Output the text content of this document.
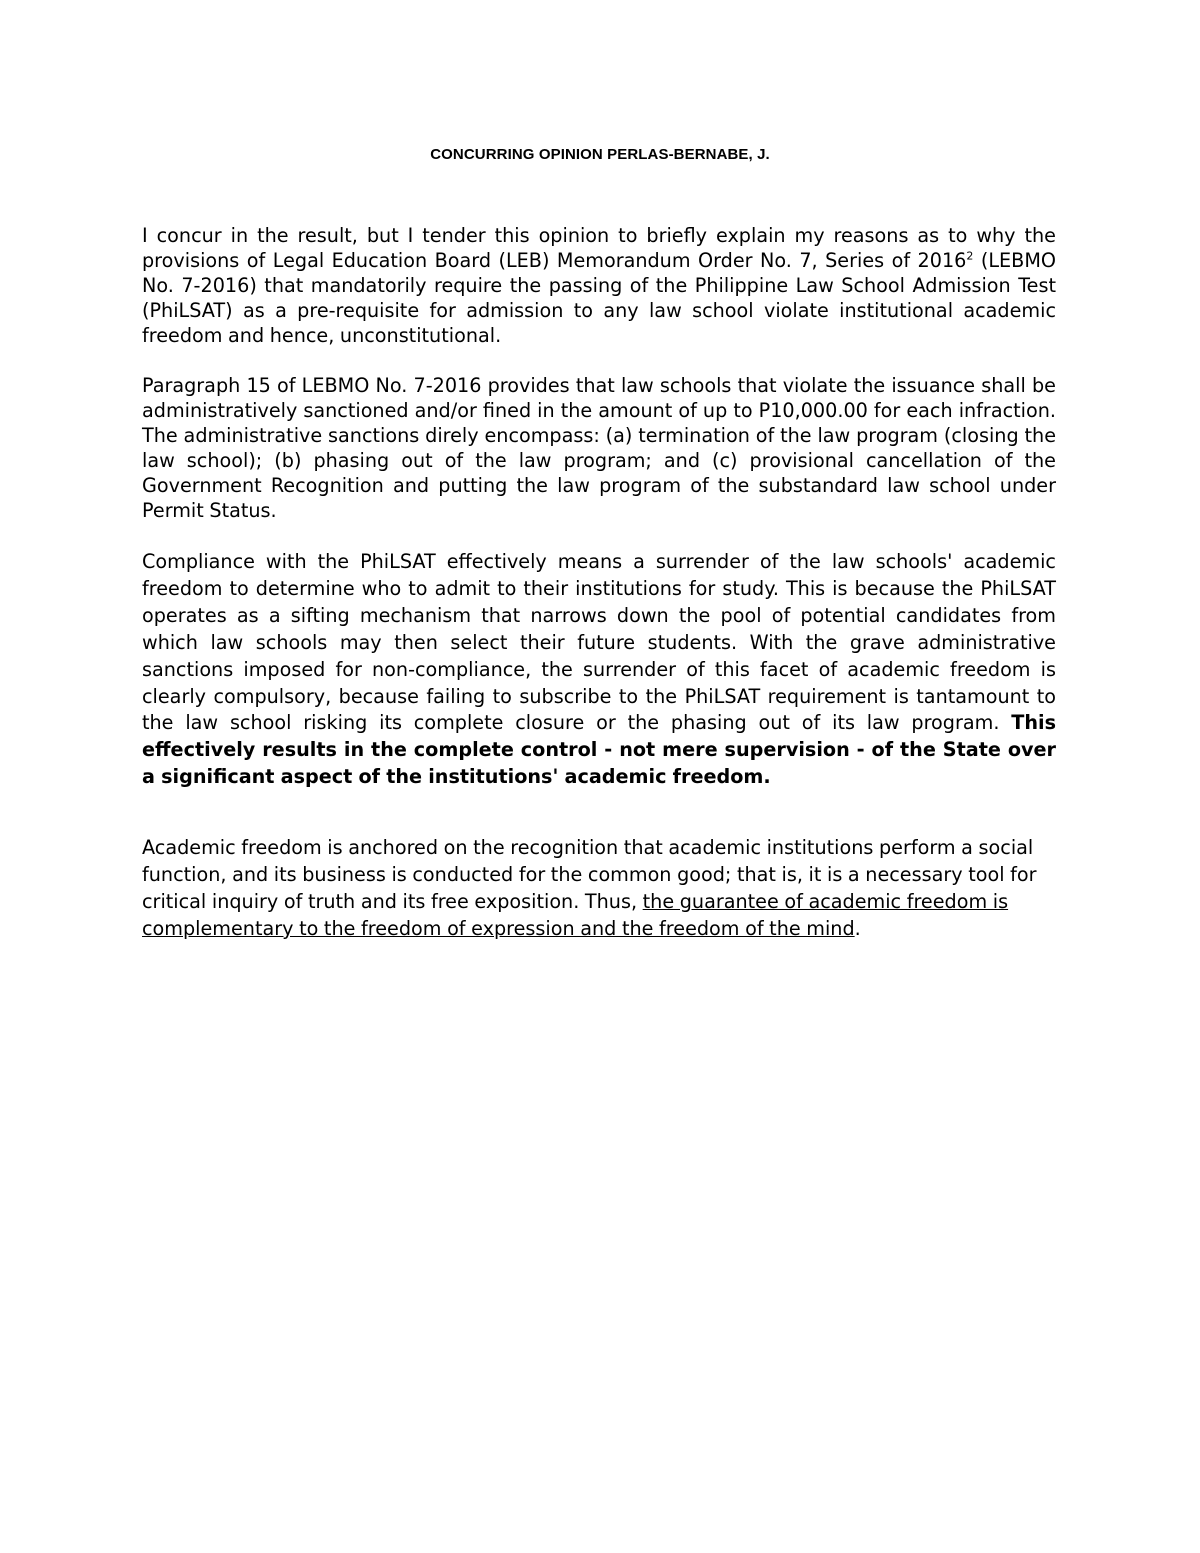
CONCURRING OPINION PERLAS-BERNABE, J.

I concur in the result, but I tender this opinion to briefly explain my reasons as to why the provisions of Legal Education Board (LEB) Memorandum Order No. 7, Series of 2016$^2$ (LEBMO No. 7-2016) that mandatorily require the passing of the Philippine Law School Admission Test (PhiLSAT) as a pre-requisite for admission to any law school violate institutional academic freedom and hence, unconstitutional.

Paragraph 15 of LEBMO No. 7-2016 provides that law schools that violate the issuance shall be administratively sanctioned and/or fined in the amount of up to P10,000.00 for each infraction. The administrative sanctions direly encompass: (a) termination of the law program (closing the law school); (b) phasing out of the law program; and (c) provisional cancellation of the Government Recognition and putting the law program of the substandard law school under Permit Status.

Compliance with the PhiLSAT effectively means a surrender of the law schools' academic freedom to determine who to admit to their institutions for study. This is because the PhiLSAT operates as a sifting mechanism that narrows down the pool of potential candidates from which law schools may then select their future students. With the grave administrative sanctions imposed for non-compliance, the surrender of this facet of academic freedom is clearly compulsory, because failing to subscribe to the PhiLSAT requirement is tantamount to the law school risking its complete closure or the phasing out of its law program. This effectively results in the complete control - not mere supervision - of the State over a significant aspect of the institutions' academic freedom.

Academic freedom is anchored on the recognition that academic institutions perform a social function, and its business is conducted for the common good; that is, it is a necessary tool for critical inquiry of truth and its free exposition. Thus, the guarantee of academic freedom is complementary to the freedom of expression and the freedom of the mind.
